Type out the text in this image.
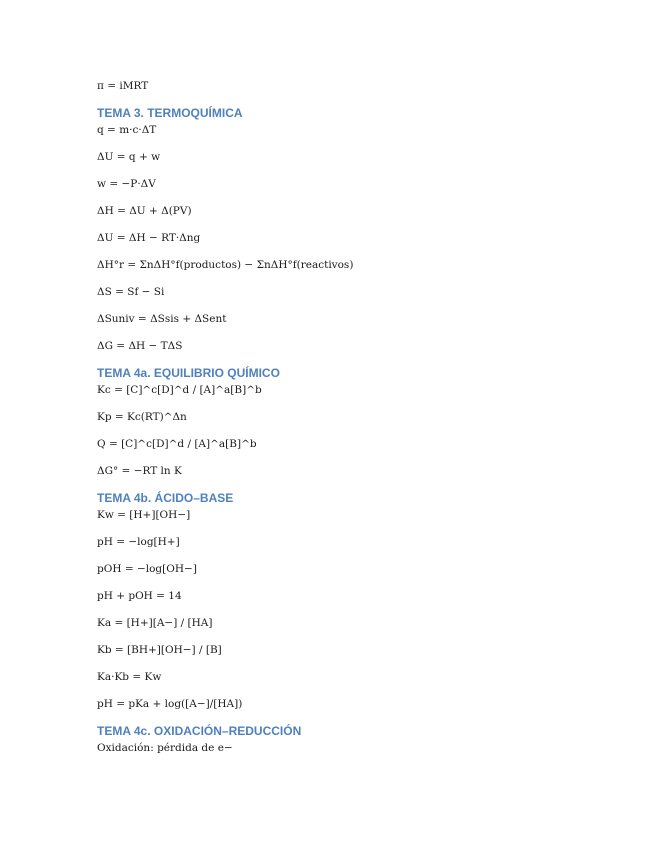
π = iMRT
TEMA 3. TERMOQUÍMICA
q = m·c·ΔT
ΔU = q + w
w = −P·ΔV
ΔH = ΔU + Δ(PV)
ΔU = ΔH − RT·Δng
ΔH°r = ΣnΔH°f(productos) − ΣnΔH°f(reactivos)
ΔS = Sf − Si
ΔSuniv = ΔSsis + ΔSent
ΔG = ΔH − TΔS
TEMA 4a. EQUILIBRIO QUÍMICO
Kc = [C]^c[D]^d / [A]^a[B]^b
Kp = Kc(RT)^Δn
Q = [C]^c[D]^d / [A]^a[B]^b
ΔG° = −RT ln K
TEMA 4b. ÁCIDO–BASE
Kw = [H+][OH−]
pH = −log[H+]
pOH = −log[OH−]
pH + pOH = 14
Ka = [H+][A−] / [HA]
Kb = [BH+][OH−] / [B]
Ka·Kb = Kw
pH = pKa + log([A−]/[HA])
TEMA 4c. OXIDACIÓN–REDUCCIÓN
Oxidación: pérdida de e−
